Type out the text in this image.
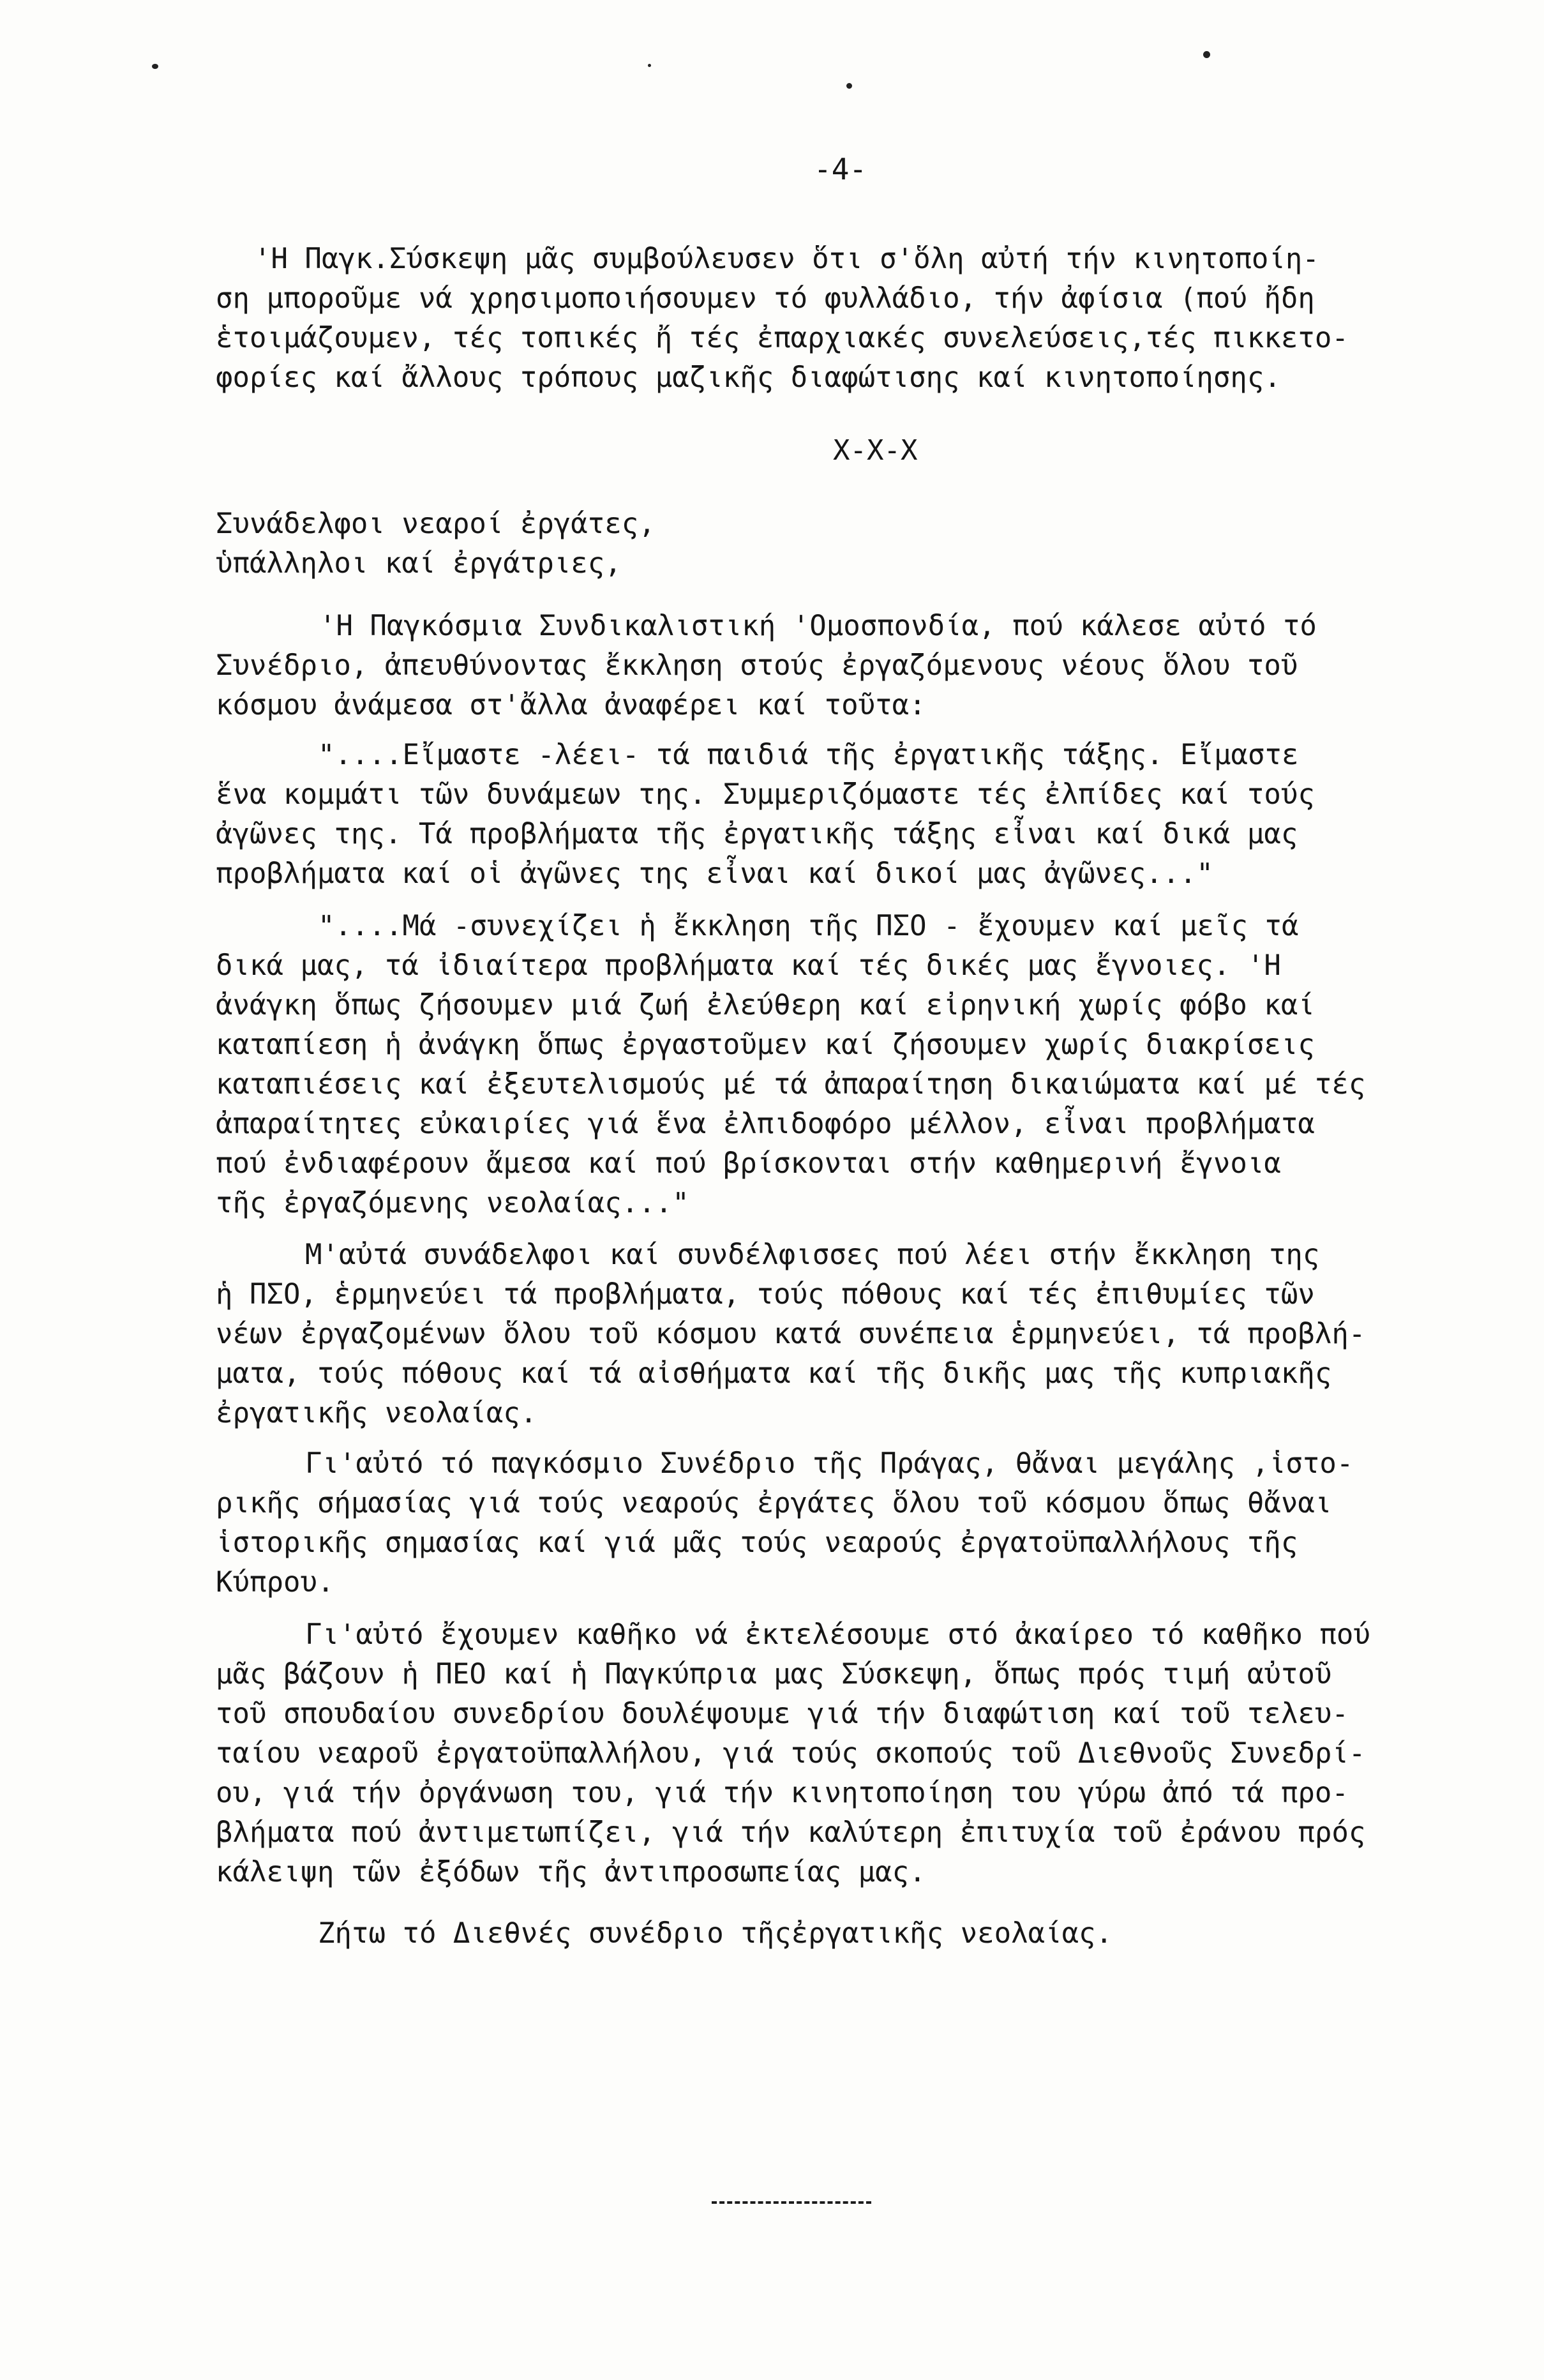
-4-
'Η Παγκ.Σύσκεψη μᾶς συμβούλευσεν ὅτι σ'ὅλη αὐτή τήν κινητοποίη-
ση μποροῦμε νά χρησιμοποιήσουμεν τό φυλλάδιο, τήν ἀφίσια (πού ἤδη
ἑτοιμάζουμεν, τές τοπικές ἤ τές ἐπαρχιακές συνελεύσεις,τές πικκετο-
φορίες καί ἄλλους τρόπους μαζικῆς διαφώτισης καί κινητοποίησης.
X-X-X
Συνάδελφοι νεαροί ἐργάτες,
ὑπάλληλοι καί ἐργάτριες,
'Η Παγκόσμια Συνδικαλιστική 'Ομοσπονδία, πού κάλεσε αὐτό τό
Συνέδριο, ἀπευθύνοντας ἔκκληση στούς ἐργαζόμενους νέους ὅλου τοῦ
κόσμου ἀνάμεσα στ'ἄλλα ἀναφέρει καί τοῦτα:
"....Εἴμαστε -λέει- τά παιδιά τῆς ἐργατικῆς τάξης. Εἴμαστε
ἕνα κομμάτι τῶν δυνάμεων της. Συμμεριζόμαστε τές ἐλπίδες καί τούς
ἀγῶνες της. Τά προβλήματα τῆς ἐργατικῆς τάξης εἶναι καί δικά μας
προβλήματα καί οἱ ἀγῶνες της εἶναι καί δικοί μας ἀγῶνες..."
"....Μά -συνεχίζει ἡ ἔκκληση τῆς ΠΣΟ - ἔχουμεν καί μεῖς τά
δικά μας, τά ἰδιαίτερα προβλήματα καί τές δικές μας ἔγνοιες. 'Η
ἀνάγκη ὅπως ζήσουμεν μιά ζωή ἐλεύθερη καί εἰρηνική χωρίς φόβο καί
καταπίεση ἡ ἀνάγκη ὅπως ἐργαστοῦμεν καί ζήσουμεν χωρίς διακρίσεις
καταπιέσεις καί ἐξευτελισμούς μέ τά ἀπαραίτηση δικαιώματα καί μέ τές
ἀπαραίτητες εὐκαιρίες γιά ἕνα ἐλπιδοφόρο μέλλον, εἶναι προβλήματα
πού ἐνδιαφέρουν ἄμεσα καί πού βρίσκονται στήν καθημερινή ἔγνοια
τῆς ἐργαζόμενης νεολαίας..."
Μ'αὐτά συνάδελφοι καί συνδέλφισσες πού λέει στήν ἔκκληση της
ἡ ΠΣΟ, ἑρμηνεύει τά προβλήματα, τούς πόθους καί τές ἐπιθυμίες τῶν
νέων ἐργαζομένων ὅλου τοῦ κόσμου κατά συνέπεια ἑρμηνεύει, τά προβλή-
ματα, τούς πόθους καί τά αἰσθήματα καί τῆς δικῆς μας τῆς κυπριακῆς
ἐργατικῆς νεολαίας.
Γι'αὐτό τό παγκόσμιο Συνέδριο τῆς Πράγας, θἄναι μεγάλης ,ἱστο-
ρικῆς σήμασίας γιά τούς νεαρούς ἐργάτες ὅλου τοῦ κόσμου ὅπως θἄναι
ἱστορικῆς σημασίας καί γιά μᾶς τούς νεαρούς ἐργατοϋπαλλήλους τῆς
Κύπρου.
Γι'αὐτό ἔχουμεν καθῆκο νά ἐκτελέσουμε στό ἀκαίρεο τό καθῆκο πού
μᾶς βάζουν ἡ ΠΕΟ καί ἡ Παγκύπρια μας Σύσκεψη, ὅπως πρός τιμή αὐτοῦ
τοῦ σπουδαίου συνεδρίου δουλέψουμε γιά τήν διαφώτιση καί τοῦ τελευ-
ταίου νεαροῦ ἐργατοϋπαλλήλου, γιά τούς σκοπούς τοῦ Διεθνοῦς Συνεδρί-
ου, γιά τήν ὀργάνωση του, γιά τήν κινητοποίηση του γύρω ἀπό τά προ-
βλήματα πού ἀντιμετωπίζει, γιά τήν καλύτερη ἐπιτυχία τοῦ ἐράνου πρός
κάλειψη τῶν ἐξόδων τῆς ἀντιπροσωπείας μας.
Ζήτω τό Διεθνές συνέδριο τῆςἐργατικῆς νεολαίας.
